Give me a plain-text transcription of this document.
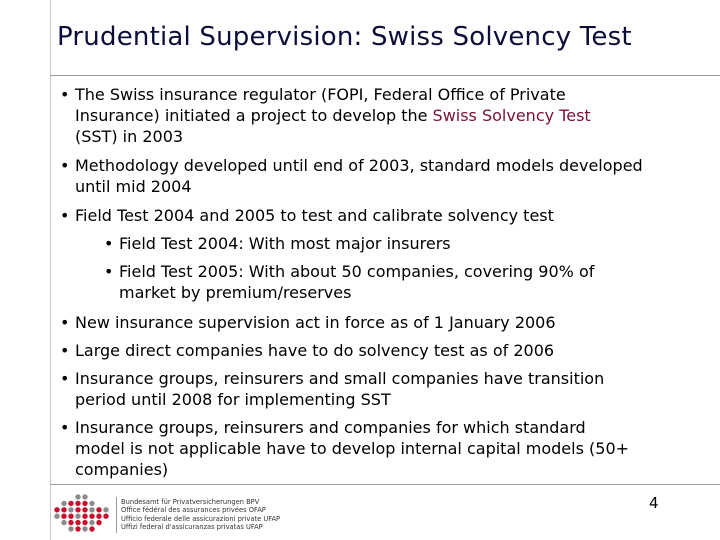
Prudential Supervision: Swiss Solvency Test
• The Swiss insurance regulator (FOPI, Federal Office of Private
Insurance) initiated a project to develop the Swiss Solvency Test
(SST) in 2003
• Methodology developed until end of 2003, standard models developed
until mid 2004
• Field Test 2004 and 2005 to test and calibrate solvency test
• Field Test 2004: With most major insurers
• Field Test 2005: With about 50 companies, covering 90% of
market by premium/reserves
• New insurance supervision act in force as of 1 January 2006
• Large direct companies have to do solvency test as of 2006
• Insurance groups, reinsurers and small companies have transition
period until 2008 for implementing SST
• Insurance groups, reinsurers and companies for which standard
model is not applicable have to develop internal capital models (50+
companies)
Bundesamt für Privatversicherungen BPV
Office fédéral des assurances privées OFAP
Ufficio federale delle assicurazioni private UFAP
Uffizi federal d'assicuranzas privatas UFAP
4
